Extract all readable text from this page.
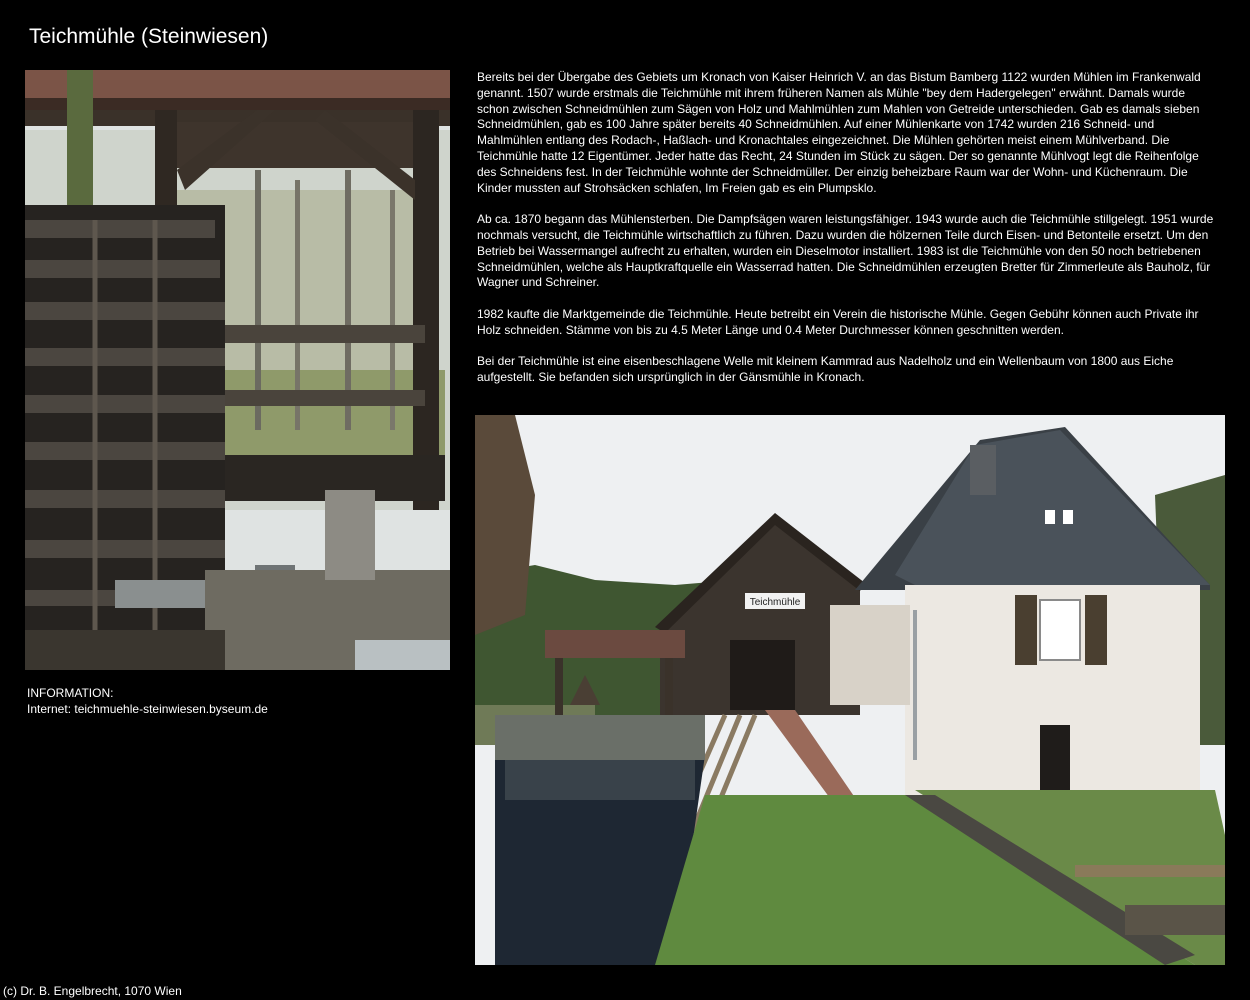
Teichmühle (Steinwiesen)
INFORMATION:
Internet: teichmuehle-steinwiesen.byseum.de

Bereits bei der Übergabe des Gebiets um Kronach von Kaiser Heinrich V. an das Bistum Bamberg 1122 wurden Mühlen im Frankenwald genannt. 1507 wurde erstmals die Teichmühle mit ihrem früheren Namen als Mühle "bey dem Hadergelegen" erwähnt. Damals wurde schon zwischen Schneidmühlen zum Sägen von Holz und Mahlmühlen zum Mahlen von Getreide unterschieden. Gab es damals sieben Schneidmühlen, gab es 100 Jahre später bereits 40 Schneidmühlen. Auf einer Mühlenkarte von 1742 wurden 216 Schneid- und Mahlmühlen entlang des Rodach-, Haßlach- und Kronachtales eingezeichnet. Die Mühlen gehörten meist einem Mühlverband. Die Teichmühle hatte 12 Eigentümer. Jeder hatte das Recht, 24 Stunden im Stück zu sägen. Der so genannte Mühlvogt legt die Reihenfolge des Schneidens fest. In der Teichmühle wohnte der Schneidmüller. Der einzig beheizbare Raum war der Wohn- und Küchenraum. Die Kinder mussten auf Strohsäcken schlafen, Im Freien gab es ein Plumpsklo.

Ab ca. 1870 begann das Mühlensterben. Die Dampfsägen waren leistungsfähiger. 1943 wurde auch die Teichmühle stillgelegt. 1951 wurde nochmals versucht, die Teichmühle wirtschaftlich zu führen. Dazu wurden die hölzernen Teile durch Eisen- und Betonteile ersetzt. Um den Betrieb bei Wassermangel aufrecht zu erhalten, wurden ein Dieselmotor installiert. 1983 ist die Teichmühle von den 50 noch betriebenen Schneidmühlen, welche als Hauptkraftquelle ein Wasserrad hatten. Die Schneidmühlen erzeugten Bretter für Zimmerleute als Bauholz, für Wagner und Schreiner.

1982 kaufte die Marktgemeinde die Teichmühle. Heute betreibt ein Verein die historische Mühle. Gegen Gebühr können auch Private ihr Holz schneiden. Stämme von bis zu 4.5 Meter Länge und 0.4 Meter Durchmesser können geschnitten werden.

Bei der Teichmühle ist eine eisenbeschlagene Welle mit kleinem Kammrad aus Nadelholz und ein Wellenbaum von 1800 aus Eiche aufgestellt. Sie befanden sich ursprünglich in der Gänsmühle in Kronach.

Teichmühle
(c) Dr. B. Engelbrecht, 1070 Wien
